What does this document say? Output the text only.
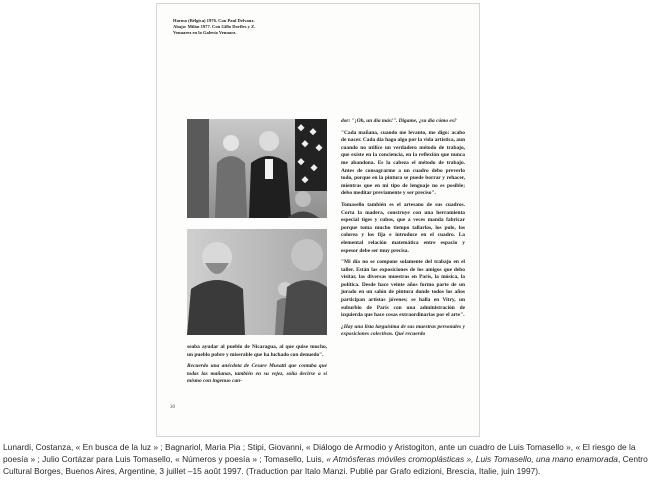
Harmo (Bélgica) 1976. Con Paul Delvaux.
Abajo: Milán 1977. Con Gillo Dorfles y Z.
Vennarez en la Galería Vennarz.

seaba ayudar al pueblo de Nicaragua, al que quise mucho, un pueblo pobre y miserable que ha luchado con denuedo".

Recuerdo una anécdota de Cesare Musatti que contaba que todas las mañanas, también en su vejez, solía decirse a sí mismo con ingenuo can-

dor: "¡Oh, un día más!". Digame, ¿su día cómo es?

"Cada mañana, cuando me levanto, me digo: acabo de nacer. Cada día hago algo por la vida artística, aun cuando no utilice un verdadero método de trabajo, que existe en la conciencia, en la reflexión que nunca me abandona. Es la cabeza el método de trabajo. Antes de consagrarme a un cuadro debo preverlo todo, porque en la pintura se puede borrar y rehacer, mientras que en mi tipo de lenguaje no es posible; debo meditar previamente y ser preciso".

Tomasello también es el artesano de sus cuadros. Corta la madera, construye con una herramienta especial tiges y cubos, que a veces manda fabricar porque toma mucho tiempo tallarlos, los pule, los colorea y los fija e introduce en el cuadro. La elemental relación matemática entre espacio y espesor debe ser muy precisa.

"Mi día no se compone solamente del trabajo en el taller. Están las exposiciones de los amigos que debo visitar, las diversas muestras en París, la música, la política. Desde hace veinte años formo parte de un jurado en un salón de pintura donde todos los años participan artistas jóvenes; se halla en Vitry, un suburbio de París con una administración de izquierda que hace cosas extraordinarias por el arte".

¿Hay una lista larguísima de sus muestras personales y exposiciones colectivas. Qué recuerdo

30
Lunardi, Costanza, « En busca de la luz » ; Bagnariol, Maria Pia ; Stipi, Giovanni, « Diálogo de Armodio y Aristogiton, ante un cuadro de Luis Tomasello », « El riesgo de la poesía » ; Julio Cortázar para Luis Tomasello, « Números y poesía » ; Tomasello, Luis, « Atmósferas móviles cromoplásticas », Luis Tomasello, una mano enamorada, Centro Cultural Borges, Buenos Aires, Argentine, 3 juillet –15 août 1997. (Traduction par Italo Manzi. Publié par Grafo edizioni, Brescia, Italie, juin 1997).
